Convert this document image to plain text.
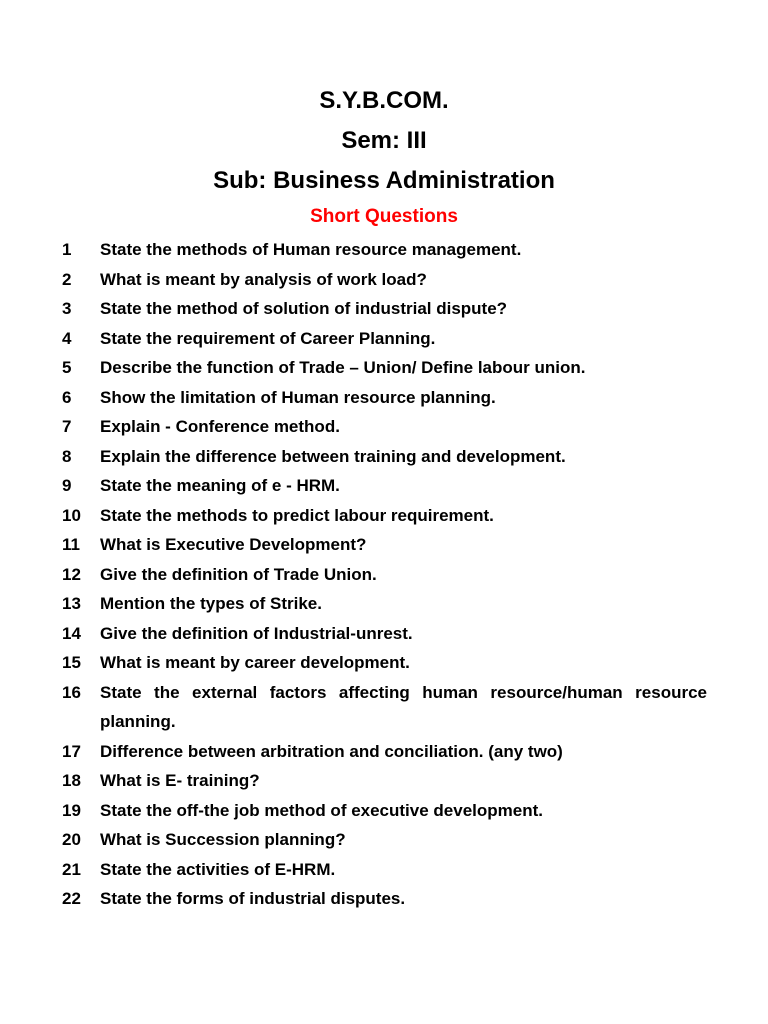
S.Y.B.COM.
Sem: III
Sub: Business Administration
Short Questions
1	State the methods of Human resource management.
2	What is meant by analysis of work load?
3	State the method of solution of industrial dispute?
4	State the requirement of Career Planning.
5	Describe the function of Trade – Union/ Define labour union.
6	Show the limitation of Human resource planning.
7	Explain - Conference method.
8	Explain the difference between training and development.
9	State the meaning of e - HRM.
10	State the methods to predict labour requirement.
11	What is Executive Development?
12	Give the definition of Trade Union.
13	Mention the types of Strike.
14	Give the definition of Industrial-unrest.
15	What is meant by career development.
16	State the external factors affecting human resource/human resource planning.
17	Difference between arbitration and conciliation. (any two)
18	What is E- training?
19	State the off-the job method of executive development.
20	What is Succession planning?
21	State the activities of E-HRM.
22	State the forms of industrial disputes.
